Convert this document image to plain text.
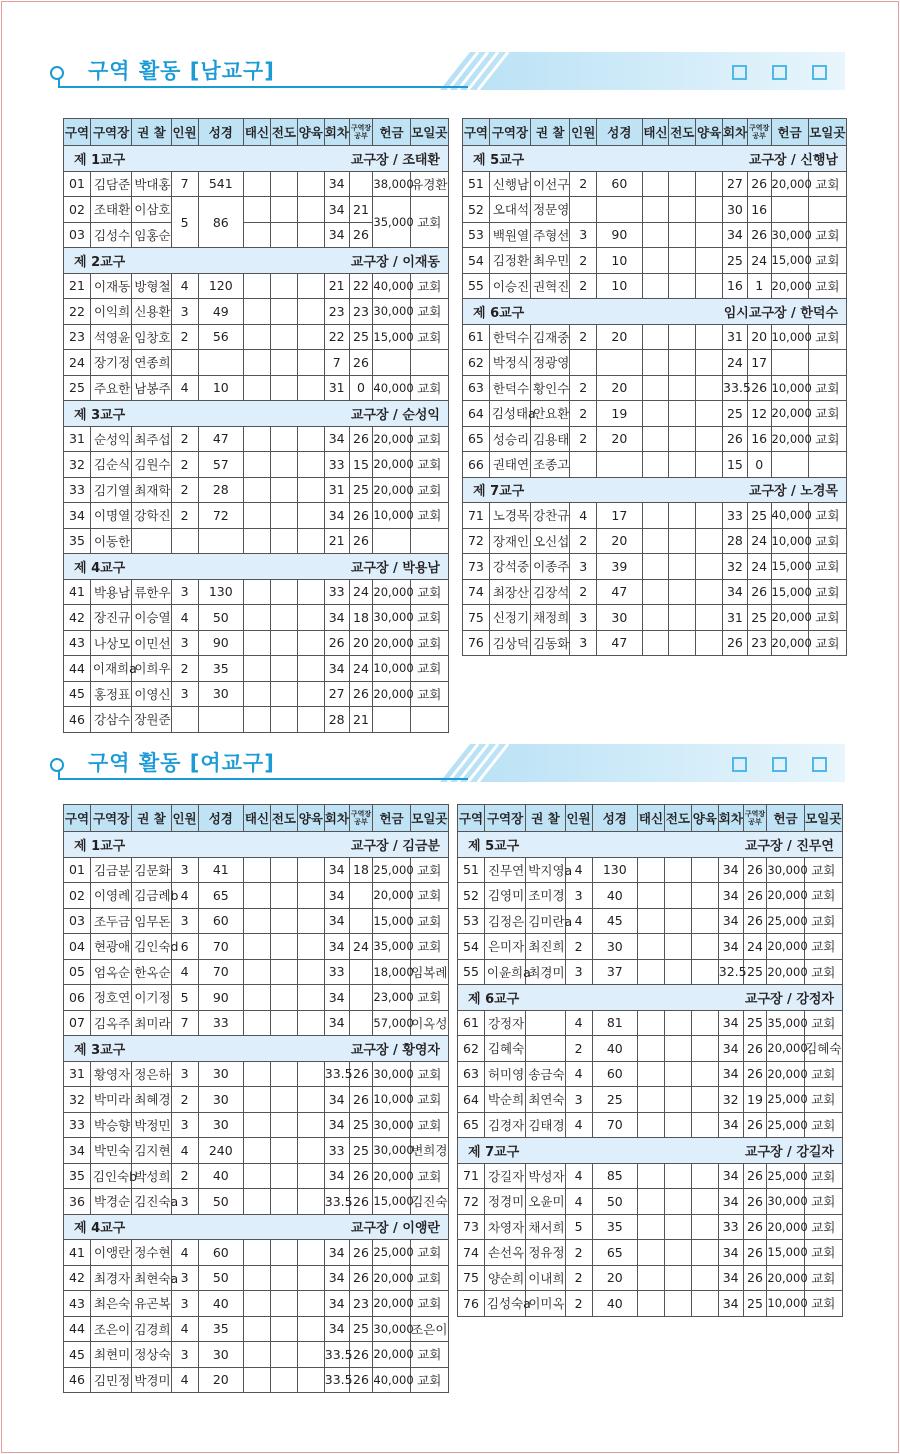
구역 활동 [남교구]
구역	구역장	권 찰	인원	성경	태신	전도	양육	회차	구역장공부	헌금	모일곳

제 1교구 교구장 / 조태환											

01	김담준	박대홍	7	541				34		38,000	유경환
02	조태환	이삼호	5	86				34	21	35,000	교회
03	김성수	임홍순						34	26		

제 2교구 교구장 / 이재동											

21	이재동	방형철	4	120				21	22	40,000	교회
22	이익희	신용환	3	49				23	23	30,000	교회
23	석영윤	임창호	2	56				22	25	15,000	교회
24	장기정	연종희						7	26		
25	주요한	남봉주	4	10				31	0	40,000	교회

제 3교구 교구장 / 순성익											

31	순성익	최주섭	2	47				34	26	20,000	교회
32	김순식	김원수	2	57				33	15	20,000	교회
33	김기열	최재학	2	28				31	25	20,000	교회
34	이명열	강학진	2	72				34	26	10,000	교회
35	이동한							21	26		

제 4교구 교구장 / 박용남											

41	박용남	류한우	3	130				33	24	20,000	교회
42	장진규	이승열	4	50				34	18	30,000	교회
43	나상모	이민선	3	90				26	20	20,000	교회
44	이재희a	이희우	2	35				34	24	10,000	교회
45	홍정표	이영신	3	30				27	26	20,000	교회
46	강삼수	장원준						28	21		
구역	구역장	권 찰	인원	성경	태신	전도	양육	회차	구역장공부	헌금	모일곳

제 5교구 교구장 / 신행남											

51	신행남	이선구	2	60				27	26	20,000	교회
52	오대석	정문영						30	16		
53	백원열	주형선	3	90				34	26	30,000	교회
54	김정환	최우민	2	10				25	24	15,000	교회
55	이승진	권혁진	2	10				16	1	20,000	교회

제 6교구 임시교구장 / 한덕수											

61	한덕수	김재중	2	20				31	20	10,000	교회
62	박정식	정광영						24	17		
63	한덕수	황인수	2	20				33.5	26	10,000	교회
64	김성태a	안요환	2	19				25	12	20,000	교회
65	성승리	김용태	2	20				26	16	20,000	교회
66	권태연	조종고						15	0		

제 7교구 교구장 / 노경목											

71	노경목	강찬규	4	17				33	25	40,000	교회
72	장재인	오신섭	2	20				28	24	10,000	교회
73	강석중	이종주	3	39				32	24	15,000	교회
74	최장산	김장석	2	47				34	26	15,000	교회
75	신정기	채정희	3	30				31	25	20,000	교회
76	김상덕	김동화	3	47				26	23	20,000	교회
구역 활동 [여교구]
구역	구역장	권 찰	인원	성경	태신	전도	양육	회차	구역장공부	헌금	모일곳

제 1교구 교구장 / 김금분											

01	김금분	김문화	3	41				34	18	25,000	교회
02	이영례	김금례b	4	65				34		20,000	교회
03	조두금	임무돈	3	60				34		15,000	교회
04	현광애	김인숙d	6	70				34	24	35,000	교회
05	엄옥순	한옥순	4	70				33		18,000	임복례
06	정호연	이기정	5	90				34		23,000	교회
07	김옥주	최미라	7	33				34		57,000	이옥성

제 3교구 교구장 / 황영자											

31	황영자	정은하	3	30				33.5	26	30,000	교회
32	박미라	최혜경	2	30				34	26	10,000	교회
33	박승향	박정민	3	30				34	25	30,000	교회
34	박민숙	김지현	4	240				33	25	30,000	변희경
35	김인숙b	박성희	2	40				34	26	20,000	교회
36	박경순	김진숙a	3	50				33.5	26	15,000	김진숙

제 4교구 교구장 / 이앵란											

41	이앵란	정수현	4	60				34	26	25,000	교회
42	최경자	최현숙a	3	50				34	26	20,000	교회
43	최은숙	유곤복	3	40				34	23	20,000	교회
44	조은이	김경희	4	35				34	25	30,000	조은이
45	최현미	정상숙	3	30				33.5	26	20,000	교회
46	김민정	박경미	4	20				33.5	26	40,000	교회
구역	구역장	권 찰	인원	성경	태신	전도	양육	회차	구역장공부	헌금	모일곳

제 5교구 교구장 / 진무연											

51	진무연	박지영a	4	130				34	26	30,000	교회
52	김영미	조미경	3	40				34	26	20,000	교회
53	김정은	김미란a	4	45				34	26	25,000	교회
54	은미자	최진희	2	30				34	24	20,000	교회
55	이윤희a	최경미	3	37				32.5	25	20,000	교회

제 6교구 교구장 / 강정자											

61	강정자		4	81				34	25	35,000	교회
62	김혜숙		2	40				34	26	20,000	김혜숙
63	허미영	송금숙	4	60				34	26	20,000	교회
64	박순희	최연숙	3	25				32	19	25,000	교회
65	김경자	김태경	4	70				34	26	25,000	교회

제 7교구 교구장 / 강길자											

71	강길자	박성자	4	85				34	26	25,000	교회
72	정경미	오윤미	4	50				34	26	30,000	교회
73	차영자	채서희	5	35				33	26	20,000	교회
74	손선옥	정유정	2	65				34	26	15,000	교회
75	양순희	이내희	2	20				34	26	20,000	교회
76	김성숙a	이미옥	2	40				34	25	10,000	교회
